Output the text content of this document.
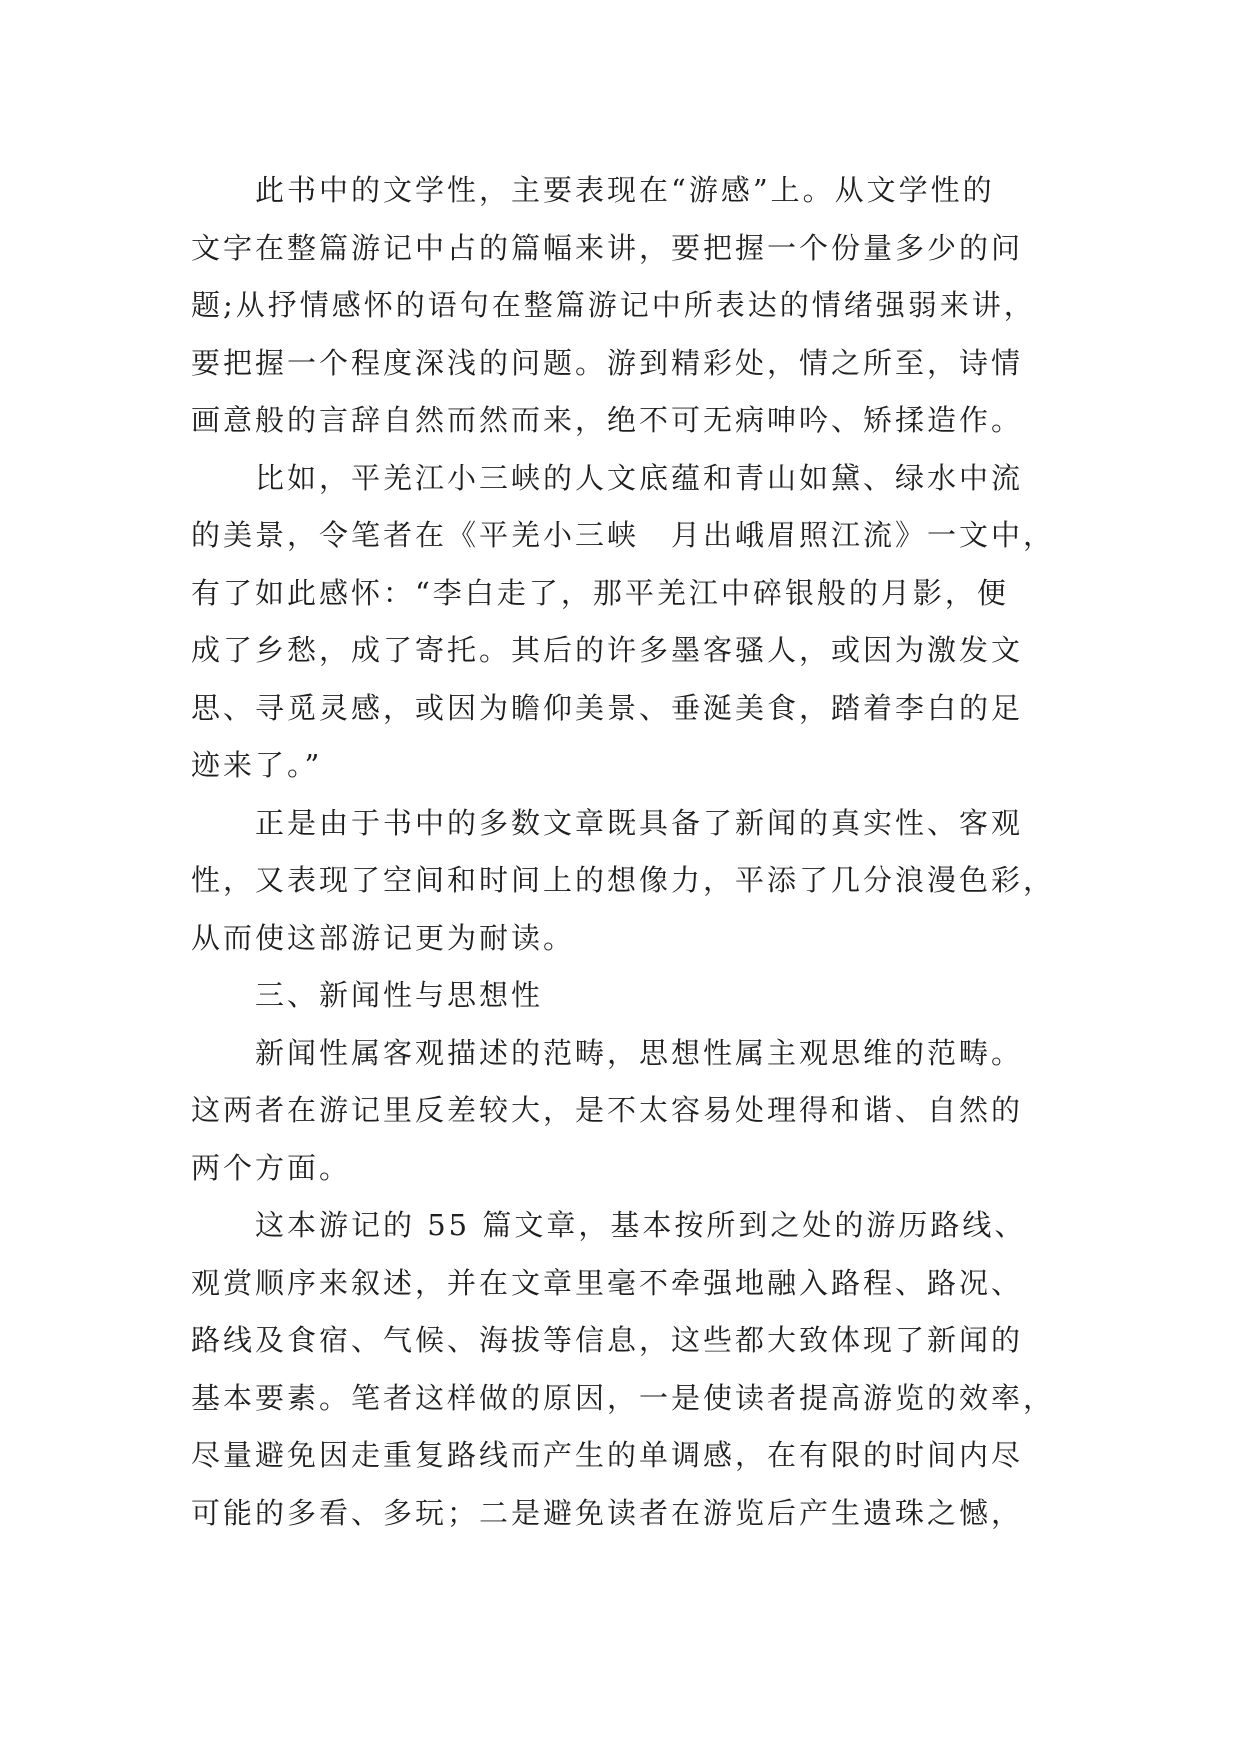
此书中的文学性，主要表现在“游感”上。从文学性的
文字在整篇游记中占的篇幅来讲，要把握一个份量多少的问
题;从抒情感怀的语句在整篇游记中所表达的情绪强弱来讲，
要把握一个程度深浅的问题。游到精彩处，情之所至，诗情
画意般的言辞自然而然而来，绝不可无病呻吟、矫揉造作。
比如，平羌江小三峡的人文底蕴和青山如黛、绿水中流
的美景，令笔者在《平羌小三峡　月出峨眉照江流》一文中，
有了如此感怀：“李白走了，那平羌江中碎银般的月影，便
成了乡愁，成了寄托。其后的许多墨客骚人，或因为激发文
思、寻觅灵感，或因为瞻仰美景、垂涎美食，踏着李白的足
迹来了。”
正是由于书中的多数文章既具备了新闻的真实性、客观
性，又表现了空间和时间上的想像力，平添了几分浪漫色彩，
从而使这部游记更为耐读。
三、新闻性与思想性
新闻性属客观描述的范畴，思想性属主观思维的范畴。
这两者在游记里反差较大，是不太容易处理得和谐、自然的
两个方面。
这本游记的 55 篇文章，基本按所到之处的游历路线、
观赏顺序来叙述，并在文章里毫不牵强地融入路程、路况、
路线及食宿、气候、海拔等信息，这些都大致体现了新闻的
基本要素。笔者这样做的原因，一是使读者提高游览的效率，
尽量避免因走重复路线而产生的单调感，在有限的时间内尽
可能的多看、多玩；二是避免读者在游览后产生遗珠之憾，
